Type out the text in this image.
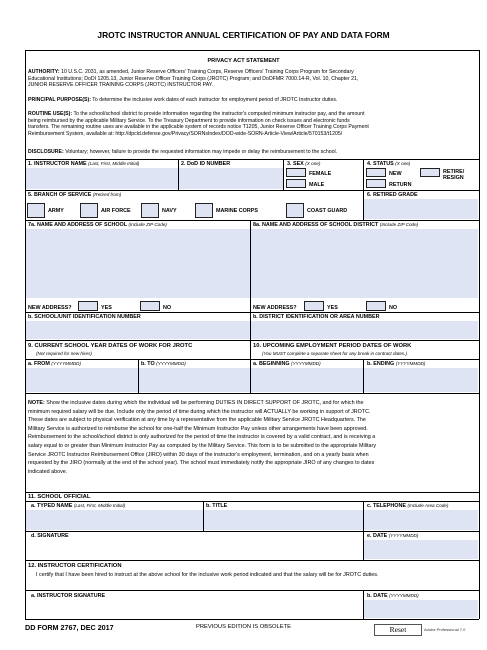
JROTC INSTRUCTOR ANNUAL CERTIFICATION OF PAY AND DATA FORM
PRIVACY ACT STATEMENT
AUTHORITY: 10 U.S.C. 2031, as amended, Junior Reserve Officers' Training Corps, Reserve Officers' Training Corps Program for Secondary
Educational Institutions; DoDI 1205.13, Junior Reserve Officer Training Corps (JROTC) Program; and DoDFMR 7000.14-R, Vol. 10, Chapter 21,
JUNIOR RESERVE OFFICER TRAINING CORPS (JROTC) INSTRUCTOR PAY.
PRINCIPAL PURPOSE(S): To determine the inclusive work dates of each instructor for employment period of JROTC Instructor duties.
ROUTINE USE(S): To the school/school district to provide information regarding the instructor's computed minimum instructor pay, and the amount
being reimbursed by the applicable Military Service. To the Treasury Department to provide information on check issues and electronic funds
transfers. The remaining routine uses are available in the applicable system of records notice T1205, Junior Reserve Officer Training Corps Payment
Reimbursement System, available at: http://dpcld.defense.gov/Privacy/SORNsIndex/DOD-wide-SORN-Article-View/Article/570153/t1205/
DISCLOSURE: Voluntary; however, failure to provide the requested information may impede or delay the reimbursement to the school.
1. INSTRUCTOR NAME (Last, First, Middle Initial)	2. DoD ID NUMBER	3. SEX (X one)	4. STATUS (X one)
FEMALE
MALE
NEW	RETIRE/
RESIGN
RETURN
5. BRANCH OF SERVICE (Retired from)	6. RETIRED GRADE
ARMY	AIR FORCE	NAVY	MARINE CORPS	COAST GUARD
7a. NAME AND ADDRESS OF SCHOOL (Include ZIP Code)	8a. NAME AND ADDRESS OF SCHOOL DISTRICT (Include ZIP Code)
NEW ADDRESS?	YES	NO	NEW ADDRESS?	YES	NO
b. SCHOOL/UNIT IDENTIFICATION NUMBER	b. DISTRICT IDENTIFICATION OR AREA NUMBER
9. CURRENT SCHOOL YEAR DATES OF WORK FOR JROTC
(Not required for new hires)
10. UPCOMING EMPLOYMENT PERIOD DATES OF WORK
(You MUST complete a separate sheet for any break in contract dates.)
a. FROM (YYYYMMDD)	b. TO (YYYYMMDD)	a. BEGINNING (YYYYMMDD)	b. ENDING (YYYYMMDD)
NOTE: Show the inclusive dates during which the individual will be performing DUTIES IN DIRECT SUPPORT OF JROTC, and for which the
minimum required salary will be due. Include only the period of time during which the instructor will ACTUALLY be working in support of JROTC.
These dates are subject to physical verification at any time by a representative from the applicable Military Service JROTC Headquarters. The
Military Service is authorized to reimburse the school for one-half the Minimum Instructor Pay unless other arrangements have been approved.
Reimbursement to the school/school district is only authorized for the period of time the instructor is covered by a valid contract, and is receiving a
salary equal to or greater than Minimum Instructor Pay as computed by the Military Service. This form is to be submitted to the appropriate Military
Service JROTC Instructor Reimbursement Office (JIRO) within 30 days of the instructor's employment, termination, and on a yearly basis when
requested by the JIRO (normally at the end of the school year). The school must immediately notify the appropriate JIRO of any changes to dates
indicated above.
11. SCHOOL OFFICIAL
a. TYPED NAME (Last, First, Middle Initial)	b. TITLE	c. TELEPHONE (Include Area Code)
d. SIGNATURE	e. DATE (YYYYMMDD)
12. INSTRUCTOR CERTIFICATION
I certify that I have been hired to instruct at the above school for the inclusive work period indicated and that the salary will be for JROTC duties.
a. INSTRUCTOR SIGNATURE	b. DATE (YYYYMMDD)
DD FORM 2767, DEC 2017	PREVIOUS EDITION IS OBSOLETE	Reset	Adobe Professional 7.0
